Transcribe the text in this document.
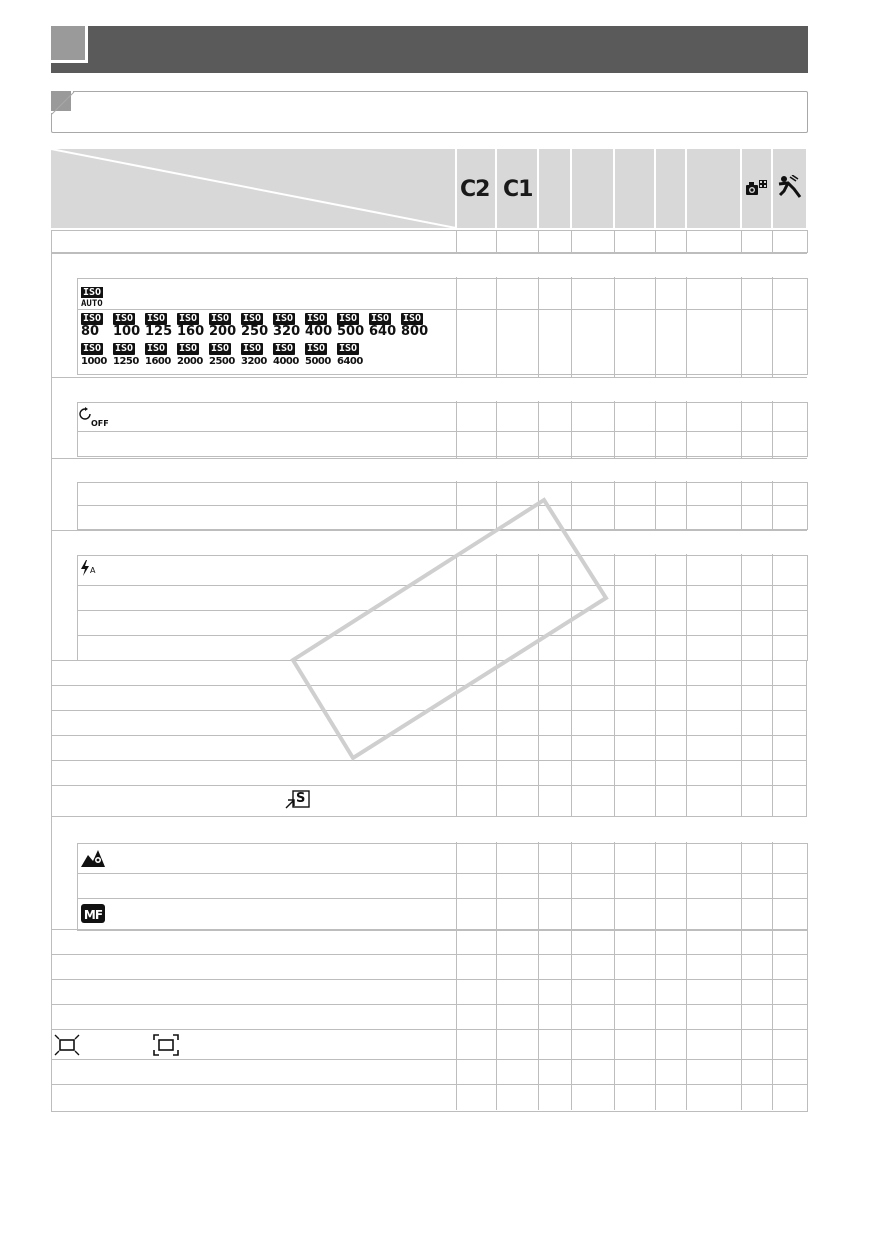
C2 C1
ISO
AUTO
ISO
80
ISO
100
ISO
125
ISO
160
ISO
200
ISO
250
ISO
320
ISO
400
ISO
500
ISO
640
ISO
800
ISO
1000
ISO
1250
ISO
1600
ISO
2000
ISO
2500
ISO
3200
ISO
4000
ISO
5000
ISO
6400
$_{OFF}$
A
S
MF
